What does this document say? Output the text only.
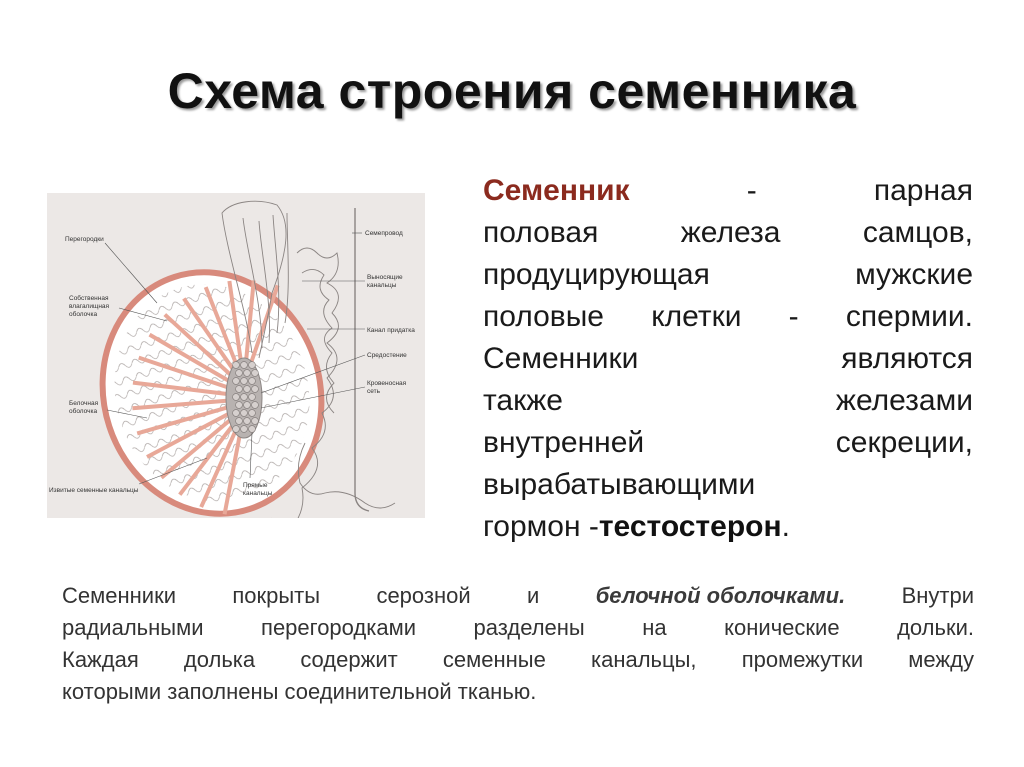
Схема строения семенника
Перегородки
Собственная
влагалищная
оболочка
Белочная
оболочка
Извитые семенные канальцы
Прямые
канальцы
Семепровод
Выносящие
канальцы
Канал придатка
Средостение
Кровеносная
сеть
Семенник	-	парная
половая	железа	самцов,
продуцирующая	мужские
половые клетки - спермии.
Семенники	являются
также	железами
внутренней	секреции,
вырабатывающими
гормон - тестостерон .
Семенники	покрыты	серозной	и	белочной оболочками.	Внутри
радиальными	перегородками	разделены	на	конические	дольки.
Каждая долька содержит семенные канальцы, промежутки между
которыми заполнены соединительной тканью.
